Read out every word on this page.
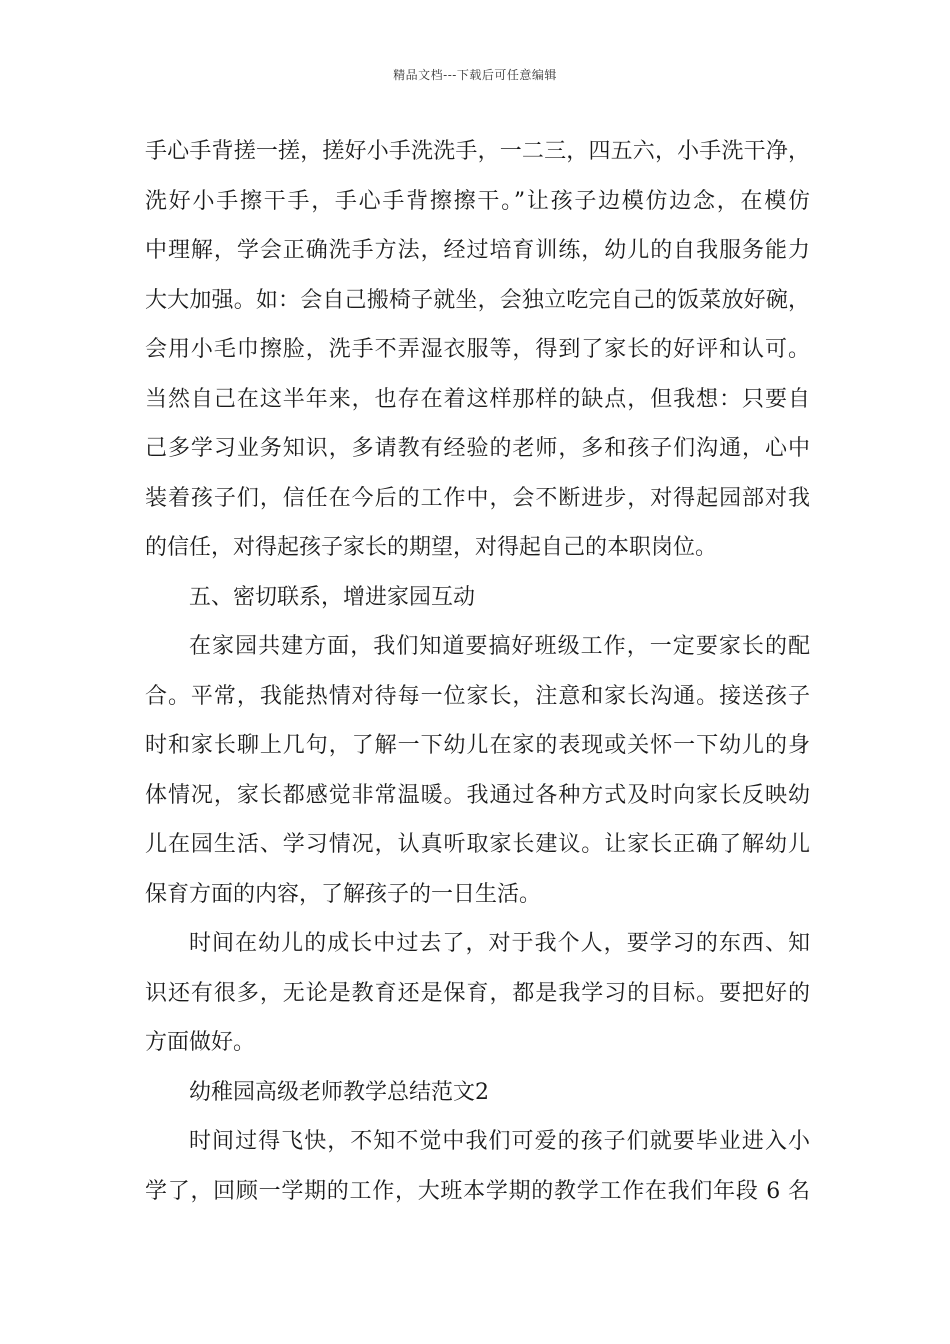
精品文档---下载后可任意编辑
手心手背搓一搓，搓好小手洗洗手，一二三，四五六，小手洗干净，
洗好小手擦干手，手心手背擦擦干。”让孩子边模仿边念，在模仿
中理解，学会正确洗手方法，经过培育训练，幼儿的自我服务能力
大大加强。如：会自己搬椅子就坐，会独立吃完自己的饭菜放好碗，
会用小毛巾擦脸，洗手不弄湿衣服等，得到了家长的好评和认可。
当然自己在这半年来，也存在着这样那样的缺点，但我想：只要自
己多学习业务知识，多请教有经验的老师，多和孩子们沟通，心中
装着孩子们，信任在今后的工作中，会不断进步，对得起园部对我
的信任，对得起孩子家长的期望，对得起自己的本职岗位。
五、密切联系，增进家园互动
在家园共建方面，我们知道要搞好班级工作，一定要家长的配
合。平常，我能热情对待每一位家长，注意和家长沟通。接送孩子
时和家长聊上几句，了解一下幼儿在家的表现或关怀一下幼儿的身
体情况，家长都感觉非常温暖。我通过各种方式及时向家长反映幼
儿在园生活、学习情况，认真听取家长建议。让家长正确了解幼儿
保育方面的内容，了解孩子的一日生活。
时间在幼儿的成长中过去了，对于我个人，要学习的东西、知
识还有很多，无论是教育还是保育，都是我学习的目标。要把好的
方面做好。
幼稚园高级老师教学总结范文2
时间过得飞快，不知不觉中我们可爱的孩子们就要毕业进入小
学了，回顾一学期的工作，大班本学期的教学工作在我们年段 6 名
